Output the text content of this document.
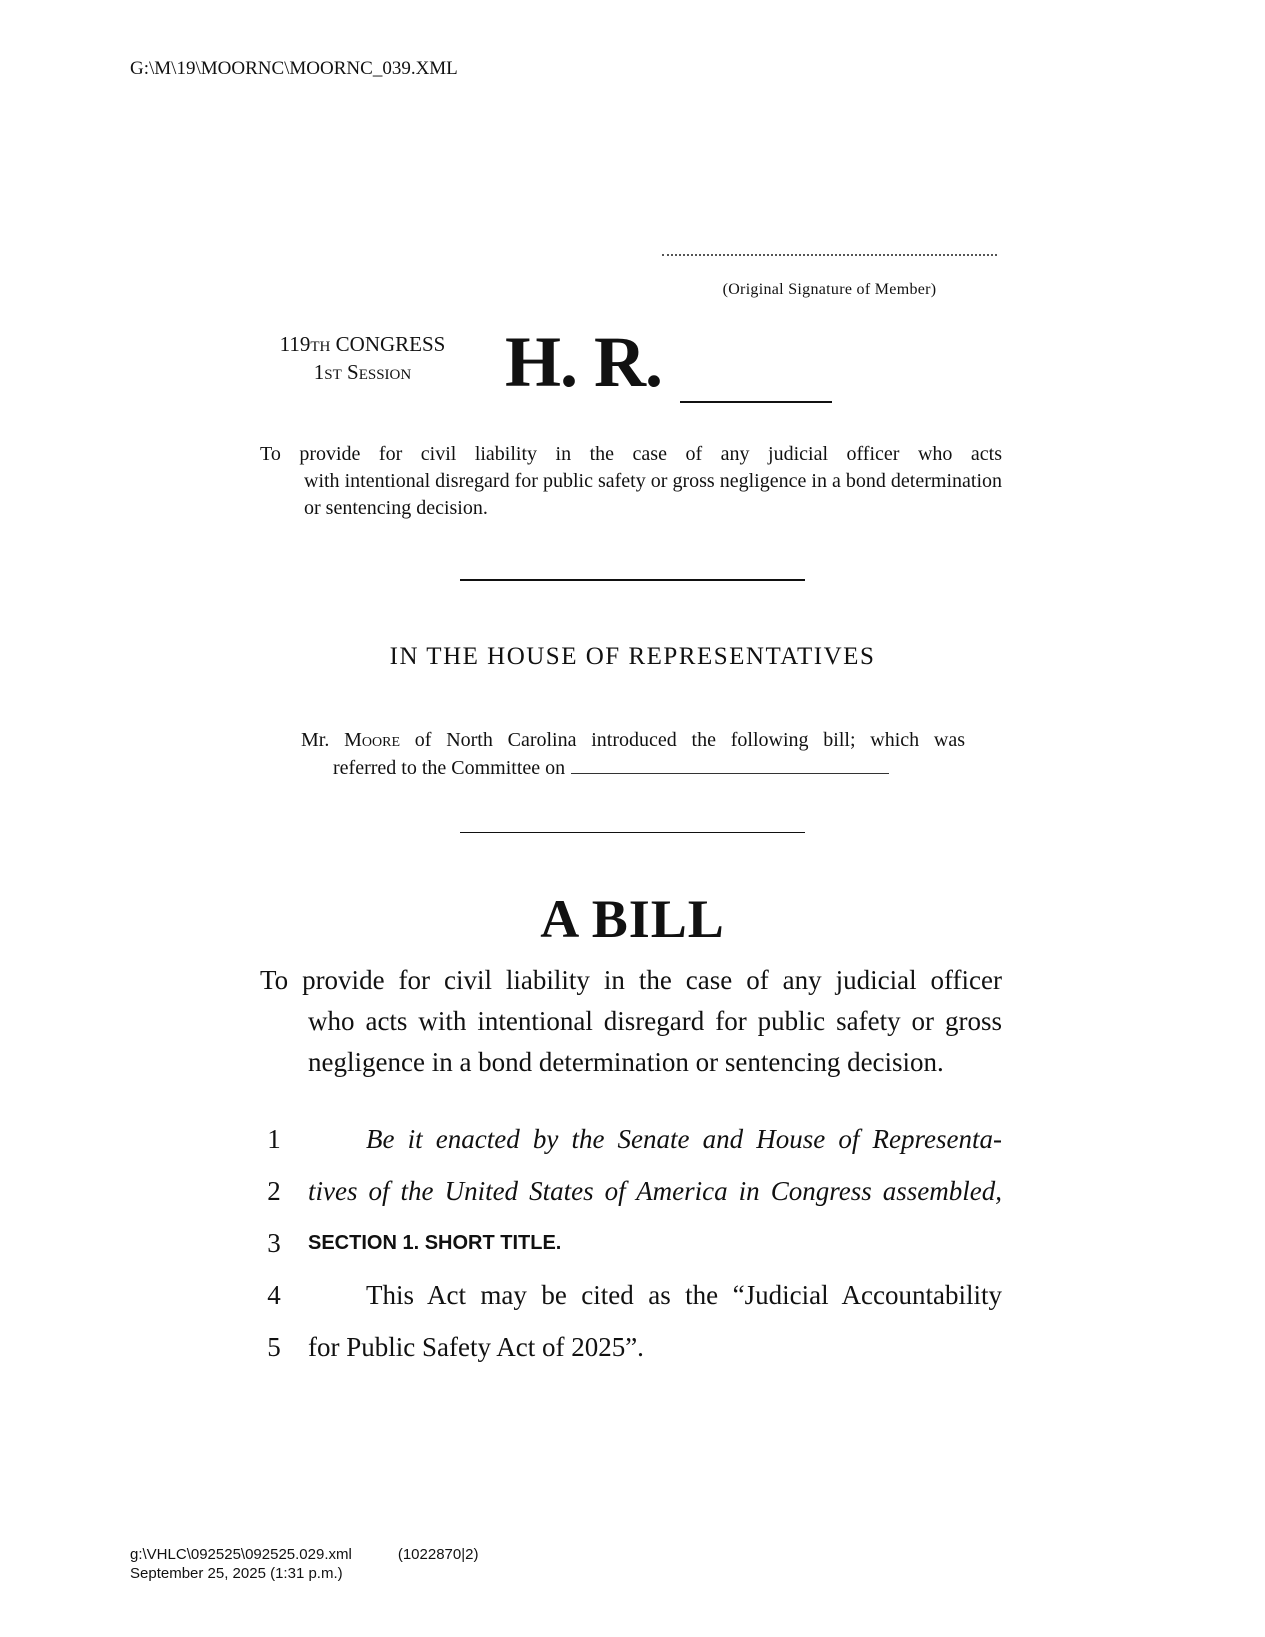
G:\M\19\MOORNC\MOORNC_039.XML
(Original Signature of Member)
119TH CONGRESS
1ST Session	H. R.
To provide for civil liability in the case of any judicial officer who acts
with intentional disregard for public safety or gross negligence in a bond determination or sentencing decision.
IN THE HOUSE OF REPRESENTATIVES
Mr. Moore of North Carolina introduced the following bill; which was
referred to the Committee on
A BILL
To provide for civil liability in the case of any judicial officer
who acts with intentional disregard for public safety or gross negligence in a bond determination or sentencing decision.
1	Be it enacted by the Senate and House of Representa-
2 tives of the United States of America in Congress assembled,
3	SECTION 1. SHORT TITLE.
4	This Act may be cited as the “Judicial Accountability
5 for Public Safety Act of 2025”.
g:\VHLC\092525\092525.029.xml	(1022870|2)
September 25, 2025 (1:31 p.m.)
